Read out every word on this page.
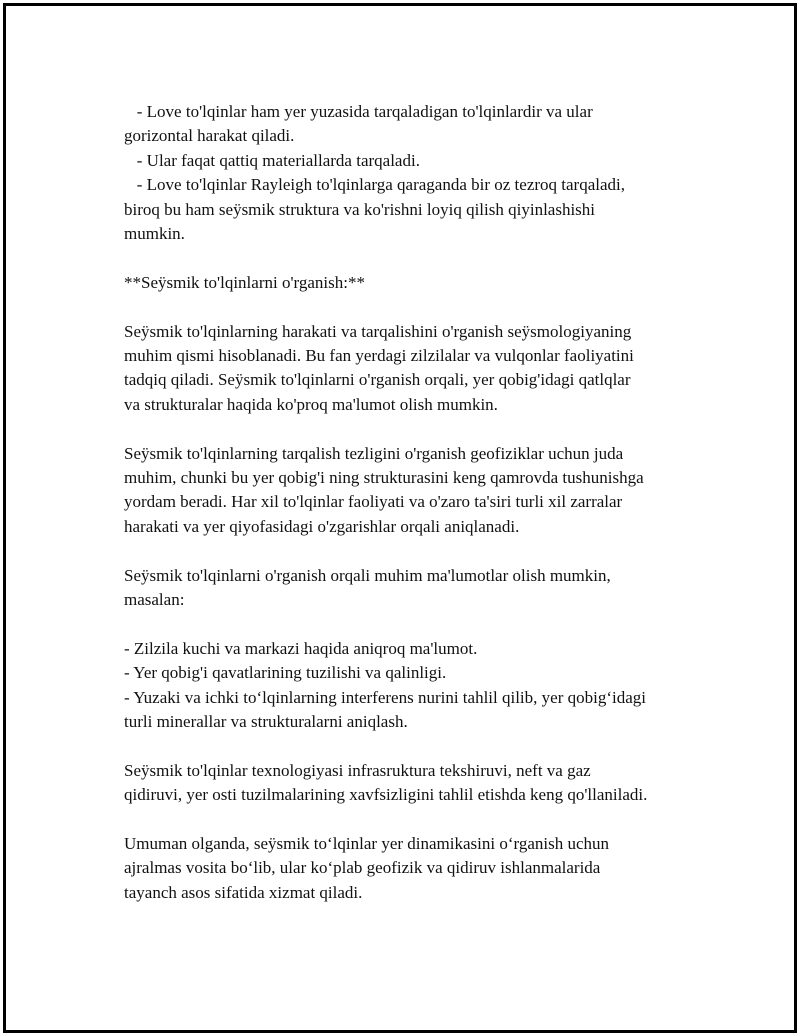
- Love to'lqinlar ham yer yuzasida tarqaladigan to'lqinlardir va ular

gorizontal harakat qiladi.

- Ular faqat qattiq materiallarda tarqaladi.

- Love to'lqinlar Rayleigh to'lqinlarga qaraganda bir oz tezroq tarqaladi,

biroq bu ham seÿsmik struktura va ko'rishni loyiq qilish qiyinlashishi

mumkin.

**Seÿsmik to'lqinlarni o'rganish:**

Seÿsmik to'lqinlarning harakati va tarqalishini o'rganish seÿsmologiyaning

muhim qismi hisoblanadi. Bu fan yerdagi zilzilalar va vulqonlar faoliyatini

tadqiq qiladi. Seÿsmik to'lqinlarni o'rganish orqali, yer qobig'idagi qatlqlar

va strukturalar haqida ko'proq ma'lumot olish mumkin.

Seÿsmik to'lqinlarning tarqalish tezligini o'rganish geofiziklar uchun juda

muhim, chunki bu yer qobig'i ning strukturasini keng qamrovda tushunishga

yordam beradi. Har xil to'lqinlar faoliyati va o'zaro ta'siri turli xil zarralar

harakati va yer qiyofasidagi o'zgarishlar orqali aniqlanadi.

Seÿsmik to'lqinlarni o'rganish orqali muhim ma'lumotlar olish mumkin,

masalan:

- Zilzila kuchi va markazi haqida aniqroq ma'lumot.

- Yer qobig'i qavatlarining tuzilishi va qalinligi.

- Yuzaki va ichki to‘lqinlarning interferens nurini tahlil qilib, yer qobig‘idagi

turli minerallar va strukturalarni aniqlash.

Seÿsmik to'lqinlar texnologiyasi infrasruktura tekshiruvi, neft va gaz

qidiruvi, yer osti tuzilmalarining xavfsizligini tahlil etishda keng qo'llaniladi.

Umuman olganda, seÿsmik to‘lqinlar yer dinamikasini o‘rganish uchun

ajralmas vosita bo‘lib, ular ko‘plab geofizik va qidiruv ishlanmalarida

tayanch asos sifatida xizmat qiladi.
